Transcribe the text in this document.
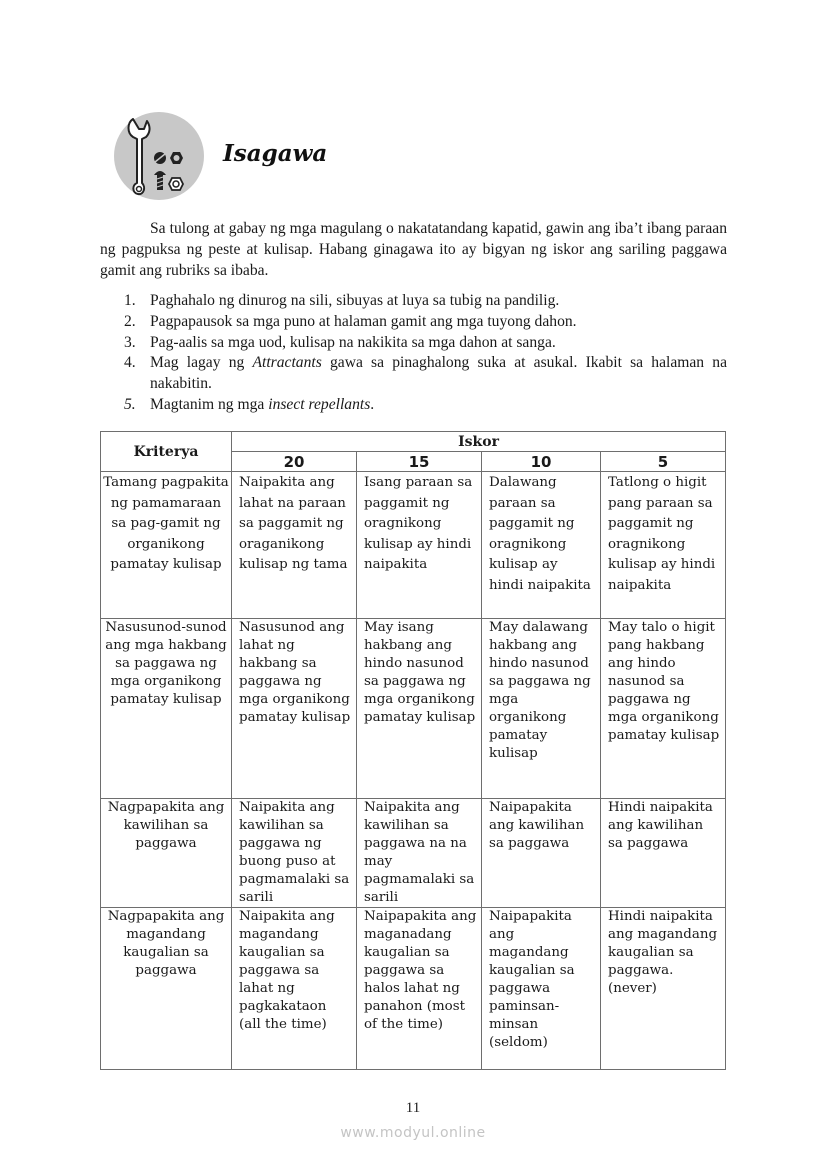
Isagawa

Sa tulong at gabay ng mga magulang o nakatatandang kapatid, gawin ang iba’t ibang paraan ng pagpuksa ng peste at kulisap. Habang ginagawa ito ay bigyan ng iskor ang sariling paggawa gamit ang rubriks sa ibaba.

1. Paghahalo ng dinurog na sili, sibuyas at luya sa tubig na pandilig.
2. Pagpapausok sa mga puno at halaman gamit ang mga tuyong dahon.
3. Pag-aalis sa mga uod, kulisap na nakikita sa mga dahon at sanga.
4. Mag lagay ng Attractants gawa sa pinaghalong suka at asukal. Ikabit sa halaman na nakabitin.
5. Magtanim ng mga insect repellants.
Kriterya	Iskor			
	20	15	10	5
Tamang pagpakita ng pamamaraan sa pag-gamit ng organikong pamatay kulisap	Naipakita ang lahat na paraan sa paggamit ng oraganikong kulisap ng tama	Isang paraan sa paggamit ng oragnikong kulisap ay hindi naipakita	Dalawang paraan sa paggamit ng oragnikong kulisap ay hindi naipakita	Tatlong o higit pang paraan sa paggamit ng oragnikong kulisap ay hindi naipakita
Nasusunod-sunod ang mga hakbang sa paggawa ng mga organikong pamatay kulisap	Nasusunod ang lahat ng hakbang sa paggawa ng mga organikong pamatay kulisap	May isang hakbang ang hindo nasunod sa paggawa ng mga organikong pamatay kulisap	May dalawang hakbang ang hindo nasunod sa paggawa ng mga organikong pamatay kulisap	May talo o higit pang hakbang ang hindo nasunod sa paggawa ng mga organikong pamatay kulisap
Nagpapakita ang kawilihan sa paggawa	Naipakita ang kawilihan sa paggawa ng buong puso at pagmamalaki sa sarili	Naipakita ang kawilihan sa paggawa na na may pagmamalaki sa sarili	Naipapakita ang kawilihan sa paggawa	Hindi naipakita ang kawilihan sa paggawa
Nagpapakita ang magandang kaugalian sa paggawa	Naipakita ang magandang kaugalian sa paggawa sa lahat ng pagkakataon (all the time)	Naipapakita ang maganadang kaugalian sa paggawa sa halos lahat ng panahon (most of the time)	Naipapakita ang magandang kaugalian sa paggawa paminsan-minsan (seldom)	Hindi naipakita ang magandang kaugalian sa paggawa. (never)
11
www.modyul.online
